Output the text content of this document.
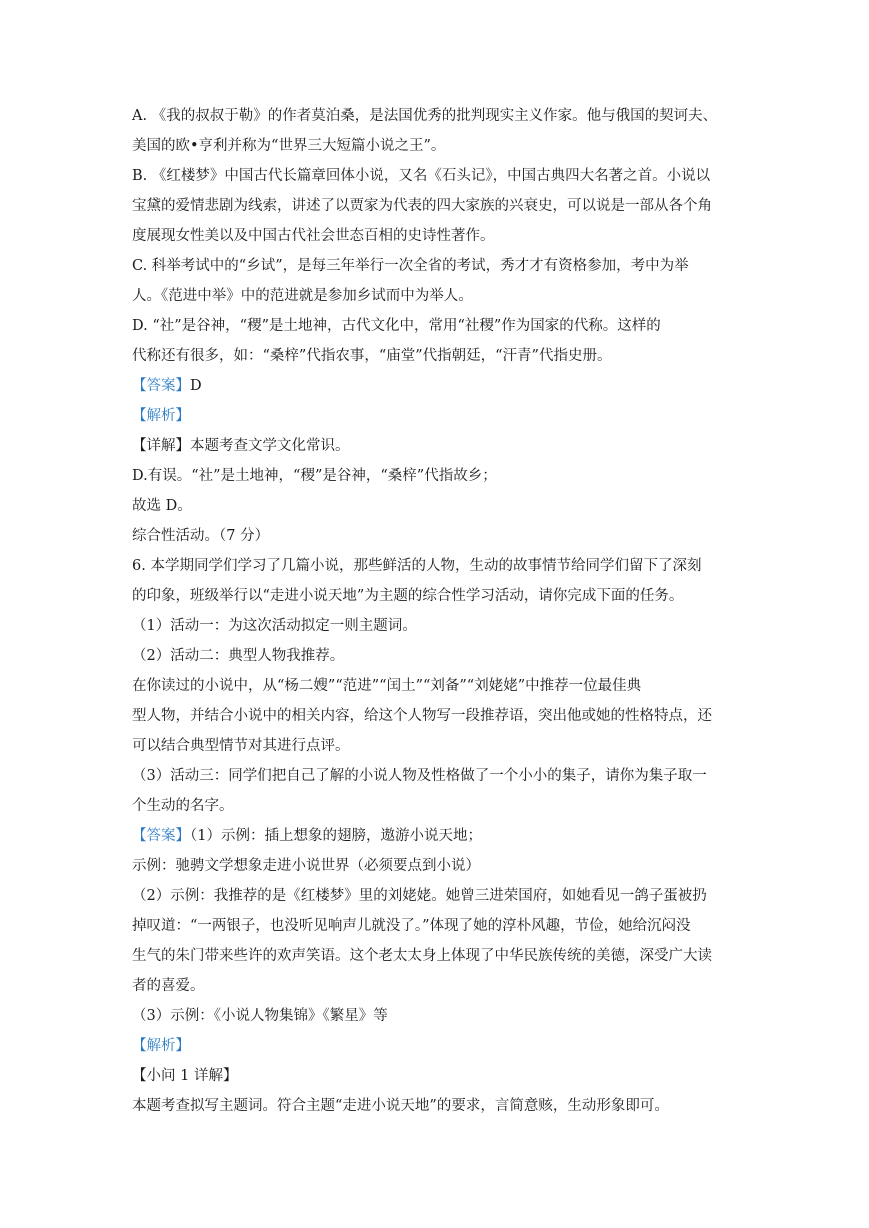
A. 《我的叔叔于勒》的作者莫泊桑，是法国优秀的批判现实主义作家。他与俄国的契诃夫、
美国的欧•亨利并称为“世界三大短篇小说之王”。
B. 《红楼梦》中国古代长篇章回体小说，又名《石头记》，中国古典四大名著之首。小说以
宝黛的爱情悲剧为线索，讲述了以贾家为代表的四大家族的兴衰史，可以说是一部从各个角
度展现女性美以及中国古代社会世态百相的史诗性著作。
C. 科举考试中的“乡试”，是每三年举行一次全省的考试，秀才才有资格参加，考中为举
人。《范进中举》中的范进就是参加乡试而中为举人。
D. “社”是谷神，“稷”是土地神，古代文化中，常用“社稷”作为国家的代称。这样的
代称还有很多，如：“桑梓”代指农事，“庙堂”代指朝廷，“汗青”代指史册。
【答案】D
【解析】
【详解】本题考查文学文化常识。
D.有误。“社”是土地神，“稷”是谷神，“桑梓”代指故乡；
故选 D。
综合性活动。（7 分）
6. 本学期同学们学习了几篇小说，那些鲜活的人物，生动的故事情节给同学们留下了深刻
的印象，班级举行以“走进小说天地”为主题的综合性学习活动，请你完成下面的任务。
（1）活动一：为这次活动拟定一则主题词。
（2）活动二：典型人物我推荐。
在你读过的小说中，从“杨二嫂”“范进”“闰土”“刘备”“刘姥姥”中推荐一位最佳典
型人物，并结合小说中的相关内容，给这个人物写一段推荐语，突出他或她的性格特点，还
可以结合典型情节对其进行点评。
（3）活动三：同学们把自己了解的小说人物及性格做了一个小小的集子，请你为集子取一
个生动的名字。
【答案】（1）示例：插上想象的翅膀，遨游小说天地；
示例：驰骋文学想象走进小说世界（必须要点到小说）
（2）示例：我推荐的是《红楼梦》里的刘姥姥。她曾三进荣国府，如她看见一鸽子蛋被扔
掉叹道：“一两银子，也没听见响声儿就没了。”体现了她的淳朴风趣，节俭，她给沉闷没
生气的朱门带来些许的欢声笑语。这个老太太身上体现了中华民族传统的美德，深受广大读
者的喜爱。
（3）示例：《小说人物集锦》《繁星》等
【解析】
【小问 1 详解】
本题考查拟写主题词。符合主题“走进小说天地”的要求，言简意赅，生动形象即可。
